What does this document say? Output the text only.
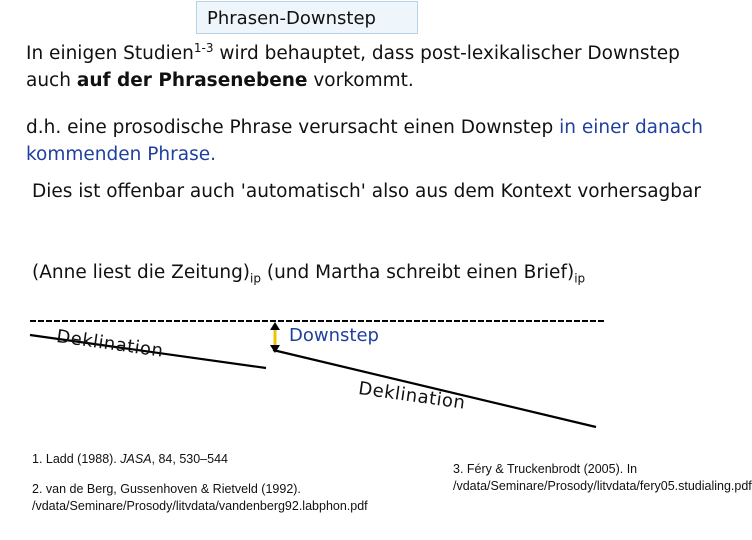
Phrasen-Downstep
In einigen Studien$^{1-3}$ wird behauptet, dass post-lexikalischer Downstep auch auf der Phrasenebene vorkommt.
d.h. eine prosodische Phrase verursacht einen Downstep in einer danach kommenden Phrase.
Dies ist offenbar auch 'automatisch' also aus dem Kontext vorhersagbar
(Anne liest die $Zeitung)_{ip}$ (und Martha schreibt einen $Brief)_{ip}$
Downstep
Deklination
Deklination
1. Ladd (1988). JASA, 84, 530–544
2. van de Berg, Gussenhoven & Rietveld (1992). /vdata/Seminare/Prosody/litvdata/vandenberg92.labphon.pdf
3. Féry & Truckenbrodt (2005). In /vdata/Seminare/Prosody/litvdata/fery05.studialing.pdf
